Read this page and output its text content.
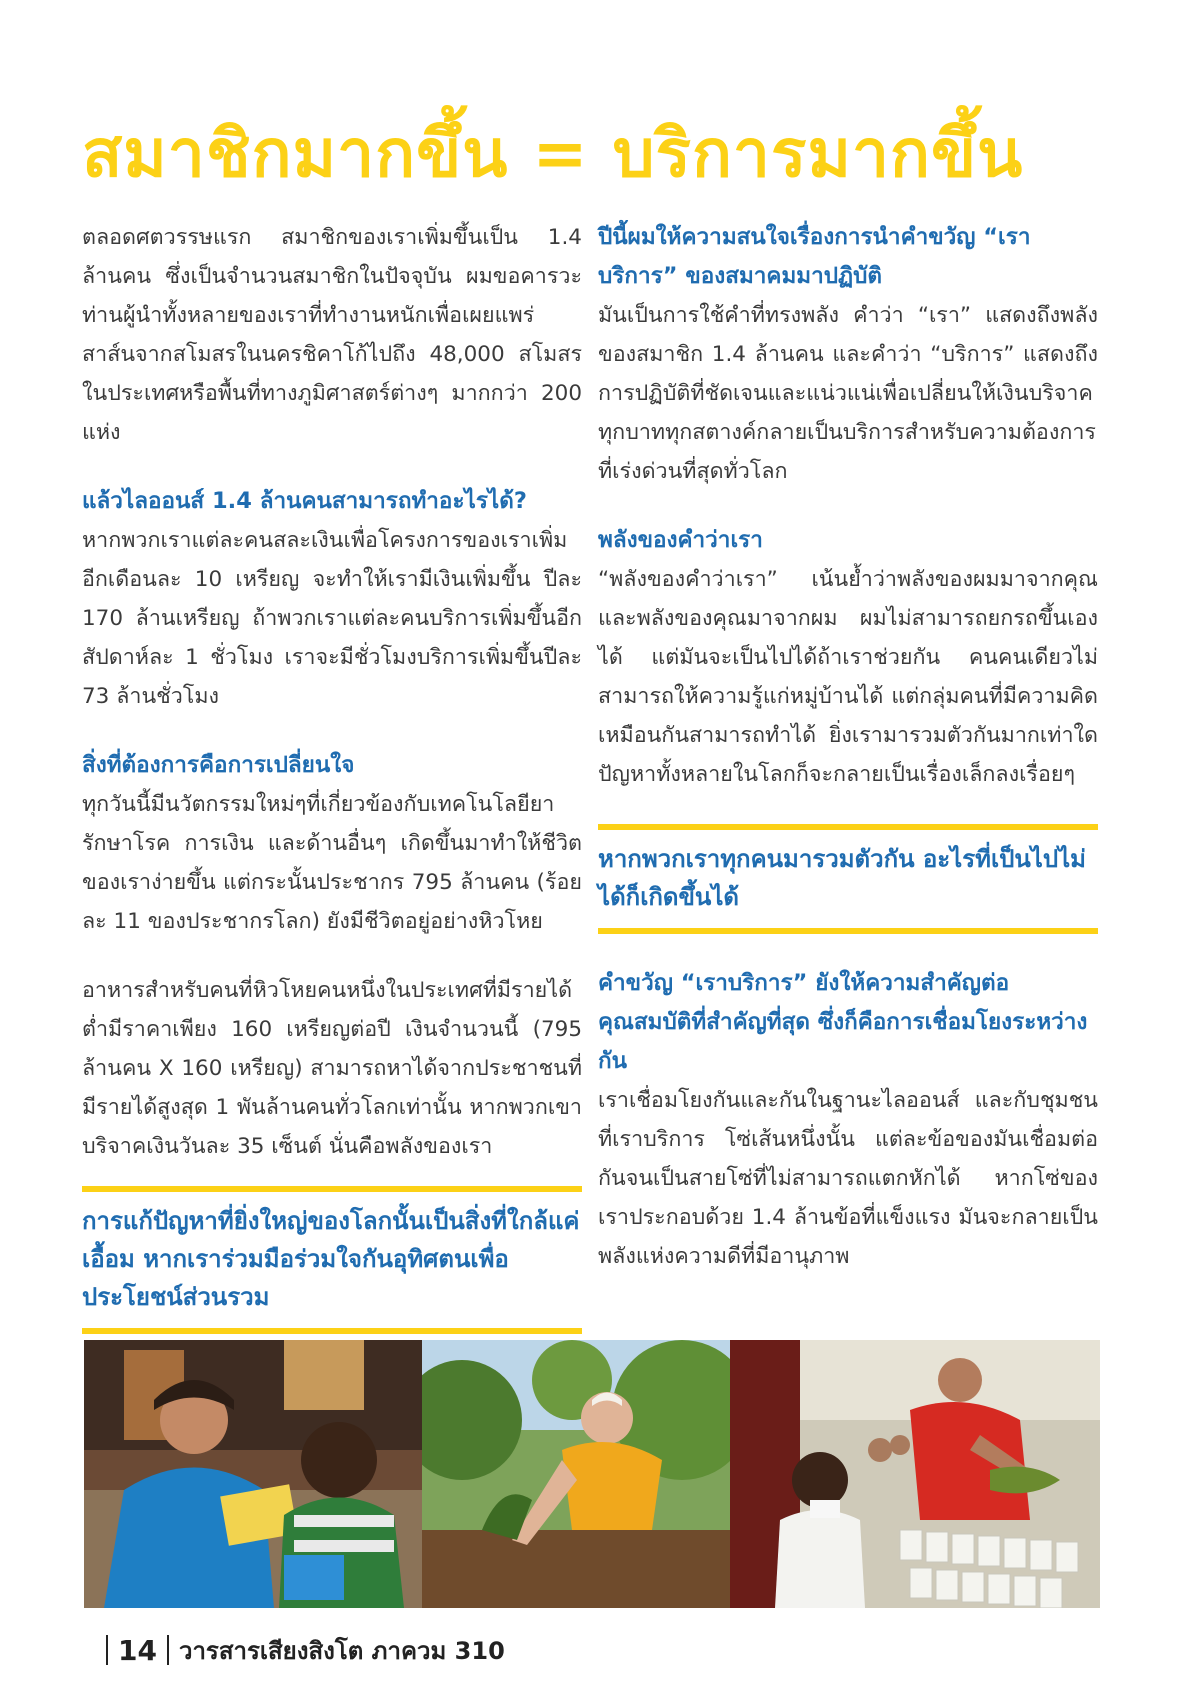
สมาชิกมากขึ้น = บริการมากขึ้น

ตลอดศตวรรษแรก สมาชิกของเราเพิ่มขึ้นเป็น 1.4 ล้านคน ซึ่งเป็นจำนวนสมาชิกในปัจจุบัน ผมขอคารวะท่านผู้นำทั้งหลายของเราที่ทำงานหนักเพื่อเผยแพร่สาส์นจากสโมสรในนครชิคาโก้ไปถึง 48,000 สโมสรในประเทศหรือพื้นที่ทางภูมิศาสตร์ต่างๆ มากกว่า 200 แห่ง

แล้วไลออนส์ 1.4 ล้านคนสามารถทำอะไรได้?

หากพวกเราแต่ละคนสละเงินเพื่อโครงการของเราเพิ่มอีกเดือนละ 10 เหรียญ จะทำให้เรามีเงินเพิ่มขึ้น ปีละ 170 ล้านเหรียญ ถ้าพวกเราแต่ละคนบริการเพิ่มขึ้นอีกสัปดาห์ละ 1 ชั่วโมง เราจะมีชั่วโมงบริการเพิ่มขึ้นปีละ 73 ล้านชั่วโมง

สิ่งที่ต้องการคือการเปลี่ยนใจ

ทุกวันนี้มีนวัตกรรมใหม่ๆที่เกี่ยวข้องกับเทคโนโลยียารักษาโรค การเงิน และด้านอื่นๆ เกิดขึ้นมาทำให้ชีวิตของเราง่ายขึ้น แต่กระนั้นประชากร 795 ล้านคน (ร้อยละ 11 ของประชากรโลก) ยังมีชีวิตอยู่อย่างหิวโหย

อาหารสำหรับคนที่หิวโหยคนหนึ่งในประเทศที่มีรายได้ต่ำมีราคาเพียง 160 เหรียญต่อปี เงินจำนวนนี้ (795 ล้านคน X 160 เหรียญ) สามารถหาได้จากประชาชนที่มีรายได้สูงสุด 1 พันล้านคนทั่วโลกเท่านั้น หากพวกเขาบริจาคเงินวันละ 35 เซ็นต์ นั่นคือพลังของเรา

การแก้ปัญหาที่ยิ่งใหญ่ของโลกนั้นเป็นสิ่งที่ใกล้แค่เอื้อม หากเราร่วมมือร่วมใจกันอุทิศตนเพื่อประโยชน์ส่วนรวม

ปีนี้ผมให้ความสนใจเรื่องการนำคำขวัญ “เราบริการ” ของสมาคมมาปฏิบัติ

มันเป็นการใช้คำที่ทรงพลัง คำว่า “เรา” แสดงถึงพลังของสมาชิก 1.4 ล้านคน และคำว่า “บริการ” แสดงถึงการปฏิบัติที่ชัดเจนและแน่วแน่เพื่อเปลี่ยนให้เงินบริจาคทุกบาททุกสตางค์กลายเป็นบริการสำหรับความต้องการที่เร่งด่วนที่สุดทั่วโลก

พลังของคำว่าเรา

“พลังของคำว่าเรา” เน้นย้ำว่าพลังของผมมาจากคุณ และพลังของคุณมาจากผม ผมไม่สามารถยกรถขึ้นเองได้ แต่มันจะเป็นไปได้ถ้าเราช่วยกัน คนคนเดียวไม่สามารถให้ความรู้แก่หมู่บ้านได้ แต่กลุ่มคนที่มีความคิดเหมือนกันสามารถทำได้ ยิ่งเรามารวมตัวกันมากเท่าใด ปัญหาทั้งหลายในโลกก็จะกลายเป็นเรื่องเล็กลงเรื่อยๆ

หากพวกเราทุกคนมารวมตัวกัน อะไรที่เป็นไปไม่ได้ก็เกิดขึ้นได้

คำขวัญ “เราบริการ” ยังให้ความสำคัญต่อคุณสมบัติที่สำคัญที่สุด ซึ่งก็คือการเชื่อมโยงระหว่างกัน

เราเชื่อมโยงกันและกันในฐานะไลออนส์ และกับชุมชนที่เราบริการ โซ่เส้นหนึ่งนั้น แต่ละข้อของมันเชื่อมต่อกันจนเป็นสายโซ่ที่ไม่สามารถแตกหักได้ หากโซ่ของเราประกอบด้วย 1.4 ล้านข้อที่แข็งแรง มันจะกลายเป็นพลังแห่งความดีที่มีอานุภาพ

14 วารสารเสียงสิงโต ภาควม 310
